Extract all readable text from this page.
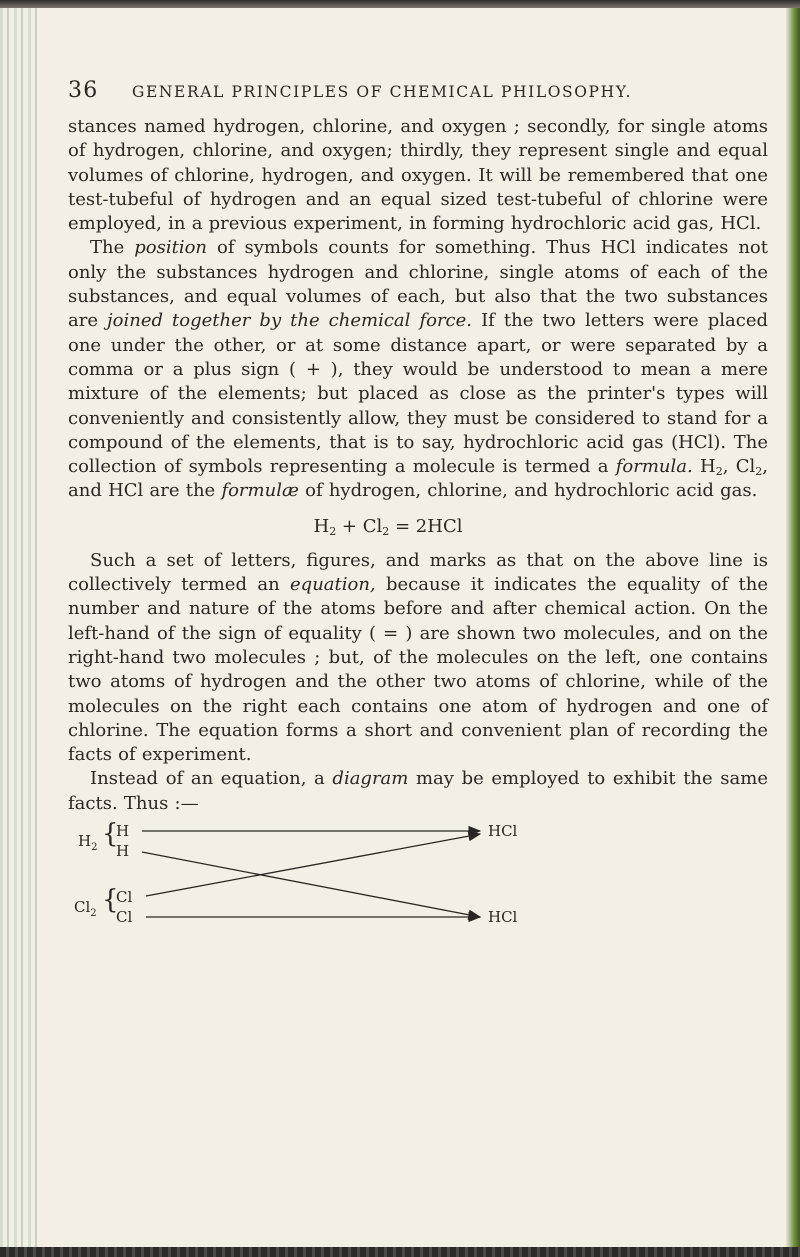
36	GENERAL PRINCIPLES OF CHEMICAL PHILOSOPHY.

stances named hydrogen, chlorine, and oxygen ; secondly, for single atoms of hydrogen, chlorine, and oxygen; thirdly, they represent single and equal volumes of chlorine, hydrogen, and oxygen. It will be remembered that one test-tubeful of hydrogen and an equal sized test-tubeful of chlorine were employed, in a previous experiment, in forming hydrochloric acid gas, HCl.

The position of symbols counts for something. Thus HCl indicates not only the substances hydrogen and chlorine, single atoms of each of the substances, and equal volumes of each, but also that the two substances are joined together by the chemical force. If the two letters were placed one under the other, or at some distance apart, or were separated by a comma or a plus sign ( + ), they would be understood to mean a mere mixture of the elements; but placed as close as the printer's types will conveniently and consistently allow, they must be considered to stand for a compound of the elements, that is to say, hydrochloric acid gas (HCl). The collection of symbols representing a molecule is termed a formula. $H_2$, $Cl_2$, and HCl are the formulæ of hydrogen, chlorine, and hydrochloric acid gas.

$H_2 + Cl_2 = 2HCl$

Such a set of letters, figures, and marks as that on the above line is collectively termed an equation, because it indicates the equality of the number and nature of the atoms before and after chemical action. On the left-hand of the sign of equality ( = ) are shown two molecules, and on the right-hand two molecules ; but, of the molecules on the left, one contains two atoms of hydrogen and the other two atoms of chlorine, while of the molecules on the right each contains one atom of hydrogen and one of chlorine. The equation forms a short and convenient plan of recording the facts of experiment.

Instead of an equation, a diagram may be employed to exhibit the same facts. Thus :—

$H_2$ {
H
H
$Cl_2$ {
Cl
Cl
HCl
HCl
